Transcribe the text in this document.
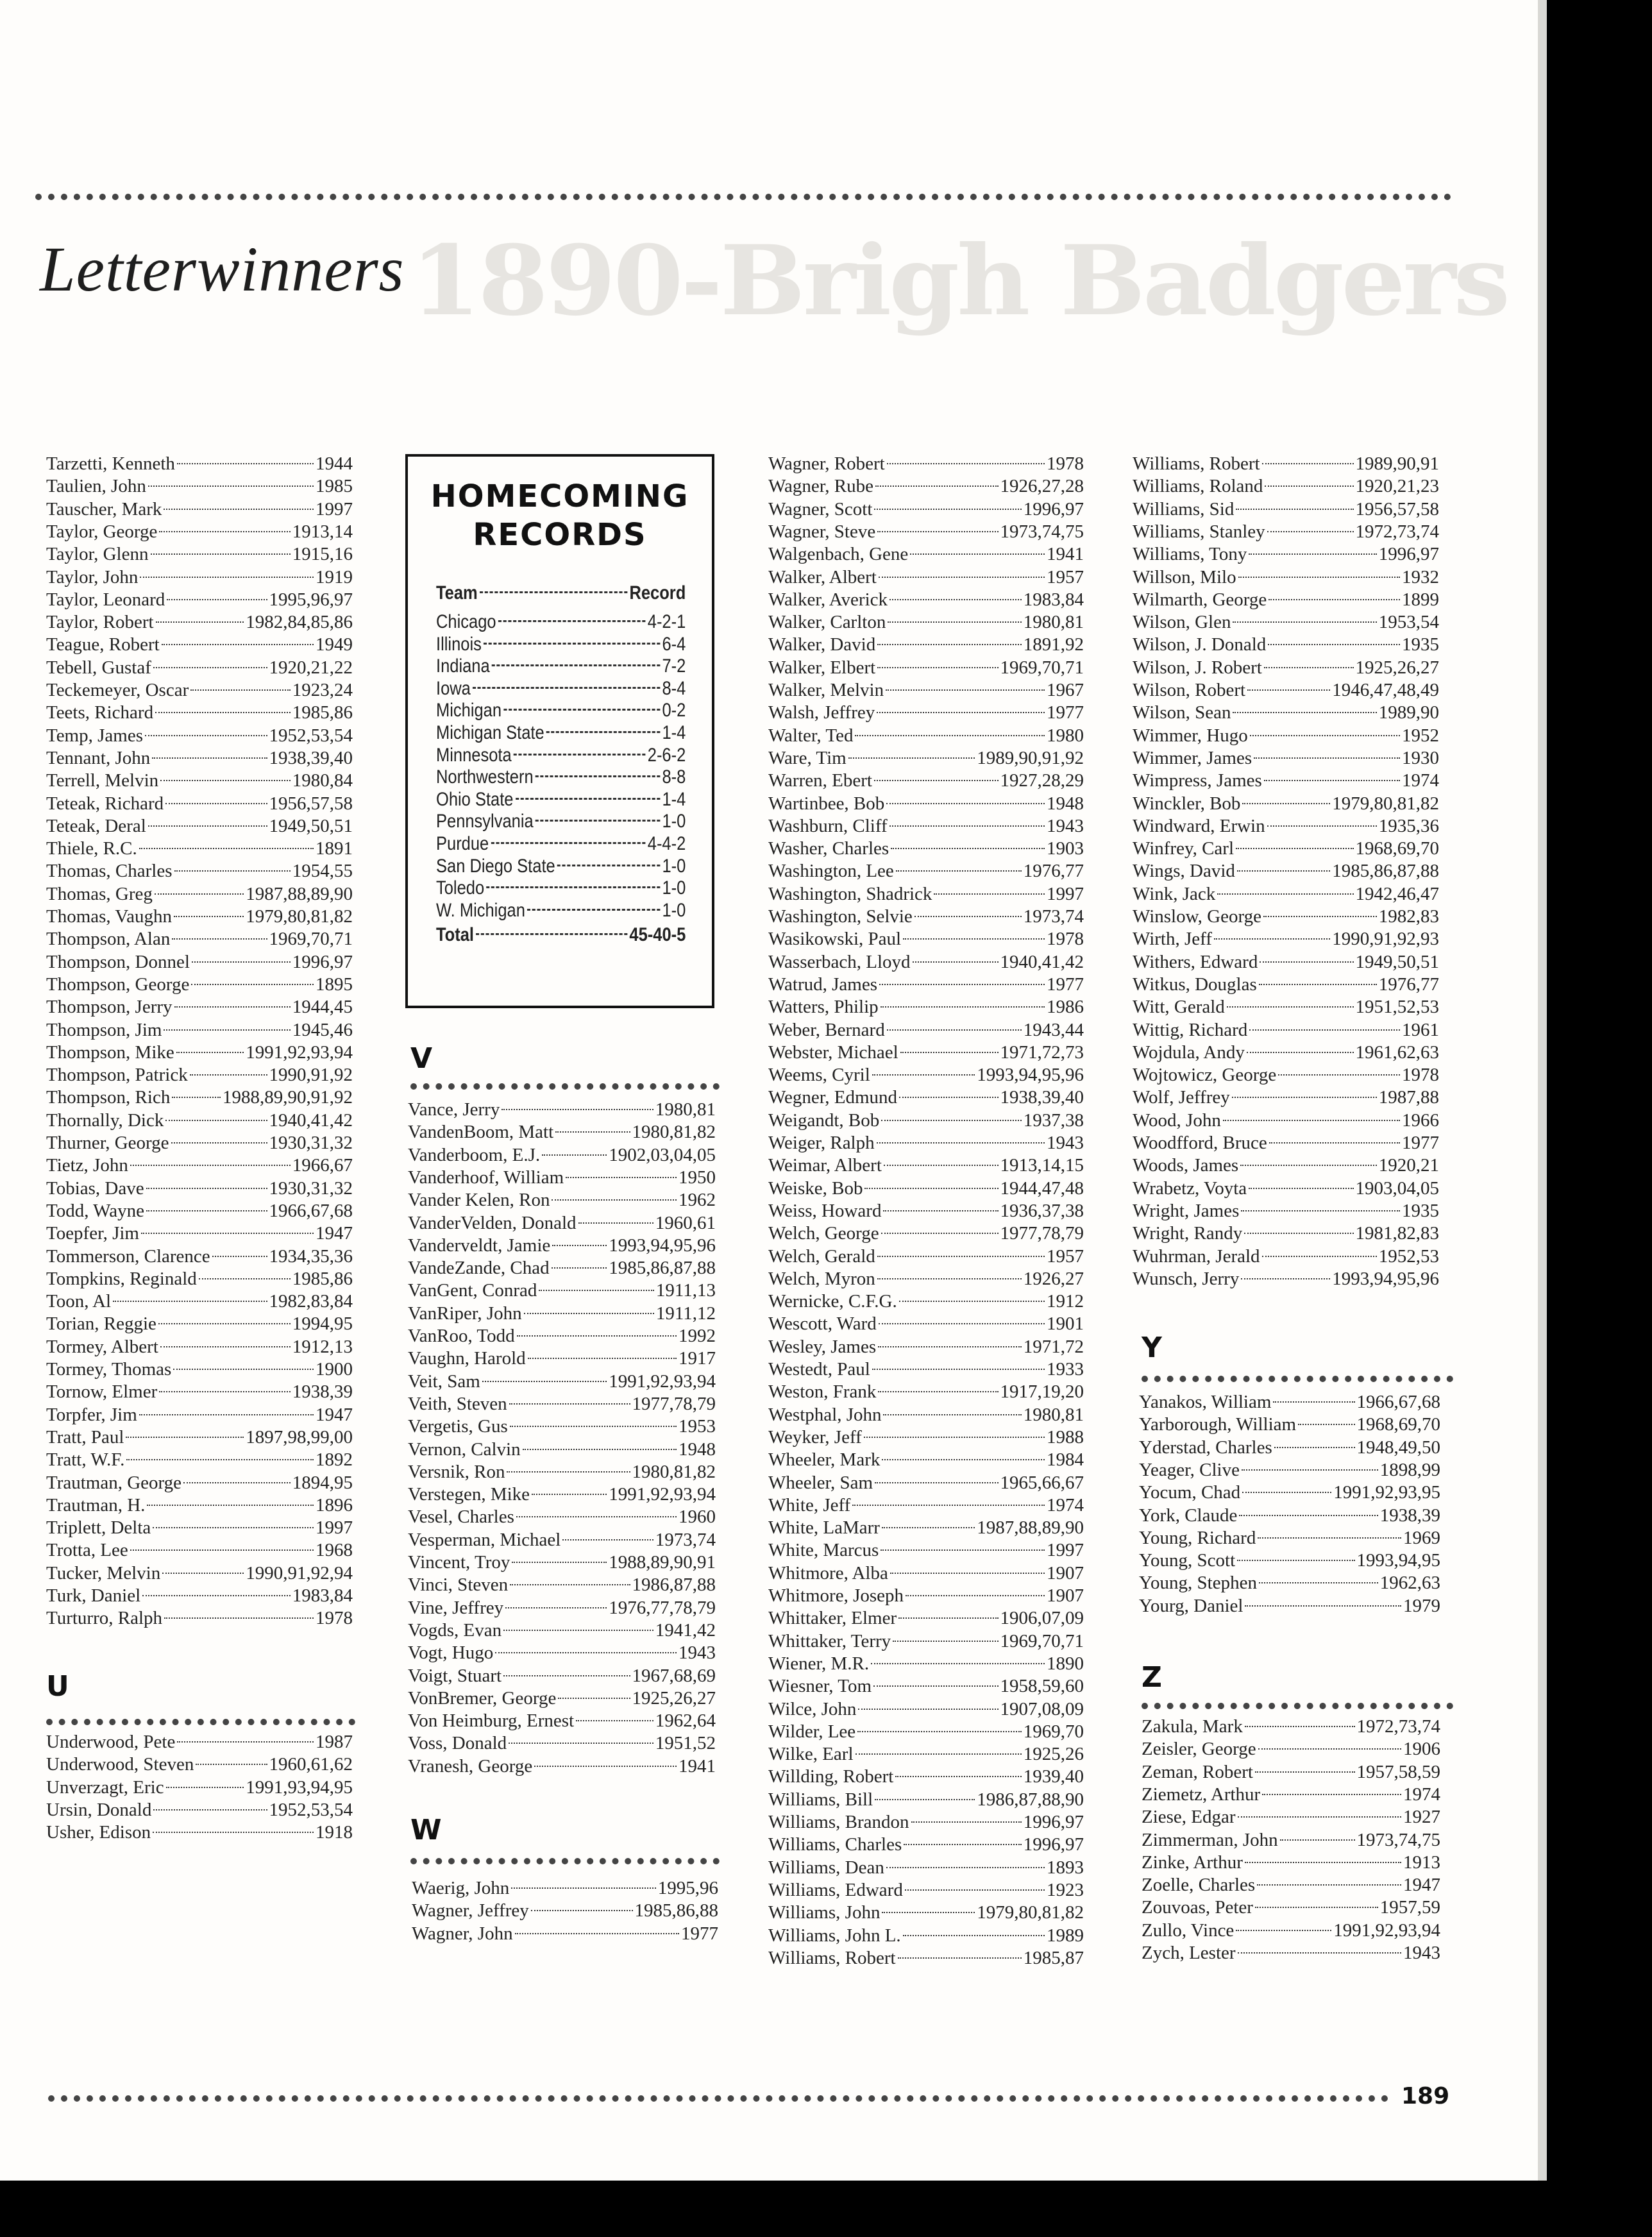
1890-Brigh Badgers
Letterwinners
HOMECOMING
RECORDS
Team	Record
Chicago	4-2-1
Illinois	6-4
Indiana	7-2
Iowa	8-4
Michigan	0-2
Michigan State	1-4
Minnesota	2-6-2
Northwestern	8-8
Ohio State	1-4
Pennsylvania	1-0
Purdue	4-4-2
San Diego State	1-0
Toledo	1-0
W. Michigan	1-0
Total	45-40-5
U
V
W
Y
Z
Tarzetti, Kenneth	1944
Taulien, John	1985
Tauscher, Mark	1997
Taylor, George	1913,14
Taylor, Glenn	1915,16
Taylor, John	1919
Taylor, Leonard	1995,96,97
Taylor, Robert	1982,84,85,86
Teague, Robert	1949
Tebell, Gustaf	1920,21,22
Teckemeyer, Oscar	1923,24
Teets, Richard	1985,86
Temp, James	1952,53,54
Tennant, John	1938,39,40
Terrell, Melvin	1980,84
Teteak, Richard	1956,57,58
Teteak, Deral	1949,50,51
Thiele, R.C.	1891
Thomas, Charles	1954,55
Thomas, Greg	1987,88,89,90
Thomas, Vaughn	1979,80,81,82
Thompson, Alan	1969,70,71
Thompson, Donnel	1996,97
Thompson, George	1895
Thompson, Jerry	1944,45
Thompson, Jim	1945,46
Thompson, Mike	1991,92,93,94
Thompson, Patrick	1990,91,92
Thompson, Rich	1988,89,90,91,92
Thornally, Dick	1940,41,42
Thurner, George	1930,31,32
Tietz, John	1966,67
Tobias, Dave	1930,31,32
Todd, Wayne	1966,67,68
Toepfer, Jim	1947
Tommerson, Clarence	1934,35,36
Tompkins, Reginald	1985,86
Toon, Al	1982,83,84
Torian, Reggie	1994,95
Tormey, Albert	1912,13
Tormey, Thomas	1900
Tornow, Elmer	1938,39
Torpfer, Jim	1947
Tratt, Paul	1897,98,99,00
Tratt, W.F.	1892
Trautman, George	1894,95
Trautman, H.	1896
Triplett, Delta	1997
Trotta, Lee	1968
Tucker, Melvin	1990,91,92,94
Turk, Daniel	1983,84
Turturro, Ralph	1978
Underwood, Pete	1987
Underwood, Steven	1960,61,62
Unverzagt, Eric	1991,93,94,95
Ursin, Donald	1952,53,54
Usher, Edison	1918
Vance, Jerry	1980,81
VandenBoom, Matt	1980,81,82
Vanderboom, E.J.	1902,03,04,05
Vanderhoof, William	1950
Vander Kelen, Ron	1962
VanderVelden, Donald	1960,61
Vanderveldt, Jamie	1993,94,95,96
VandeZande, Chad	1985,86,87,88
VanGent, Conrad	1911,13
VanRiper, John	1911,12
VanRoo, Todd	1992
Vaughn, Harold	1917
Veit, Sam	1991,92,93,94
Veith, Steven	1977,78,79
Vergetis, Gus	1953
Vernon, Calvin	1948
Versnik, Ron	1980,81,82
Verstegen, Mike	1991,92,93,94
Vesel, Charles	1960
Vesperman, Michael	1973,74
Vincent, Troy	1988,89,90,91
Vinci, Steven	1986,87,88
Vine, Jeffrey	1976,77,78,79
Vogds, Evan	1941,42
Vogt, Hugo	1943
Voigt, Stuart	1967,68,69
VonBremer, George	1925,26,27
Von Heimburg, Ernest	1962,64
Voss, Donald	1951,52
Vranesh, George	1941
Waerig, John	1995,96
Wagner, Jeffrey	1985,86,88
Wagner, John	1977
Wagner, Robert	1978
Wagner, Rube	1926,27,28
Wagner, Scott	1996,97
Wagner, Steve	1973,74,75
Walgenbach, Gene	1941
Walker, Albert	1957
Walker, Averick	1983,84
Walker, Carlton	1980,81
Walker, David	1891,92
Walker, Elbert	1969,70,71
Walker, Melvin	1967
Walsh, Jeffrey	1977
Walter, Ted	1980
Ware, Tim	1989,90,91,92
Warren, Ebert	1927,28,29
Wartinbee, Bob	1948
Washburn, Cliff	1943
Washer, Charles	1903
Washington, Lee	1976,77
Washington, Shadrick	1997
Washington, Selvie	1973,74
Wasikowski, Paul	1978
Wasserbach, Lloyd	1940,41,42
Watrud, James	1977
Watters, Philip	1986
Weber, Bernard	1943,44
Webster, Michael	1971,72,73
Weems, Cyril	1993,94,95,96
Wegner, Edmund	1938,39,40
Weigandt, Bob	1937,38
Weiger, Ralph	1943
Weimar, Albert	1913,14,15
Weiske, Bob	1944,47,48
Weiss, Howard	1936,37,38
Welch, George	1977,78,79
Welch, Gerald	1957
Welch, Myron	1926,27
Wernicke, C.F.G.	1912
Wescott, Ward	1901
Wesley, James	1971,72
Westedt, Paul	1933
Weston, Frank	1917,19,20
Westphal, John	1980,81
Weyker, Jeff	1988
Wheeler, Mark	1984
Wheeler, Sam	1965,66,67
White, Jeff	1974
White, LaMarr	1987,88,89,90
White, Marcus	1997
Whitmore, Alba	1907
Whitmore, Joseph	1907
Whittaker, Elmer	1906,07,09
Whittaker, Terry	1969,70,71
Wiener, M.R.	1890
Wiesner, Tom	1958,59,60
Wilce, John	1907,08,09
Wilder, Lee	1969,70
Wilke, Earl	1925,26
Willding, Robert	1939,40
Williams, Bill	1986,87,88,90
Williams, Brandon	1996,97
Williams, Charles	1996,97
Williams, Dean	1893
Williams, Edward	1923
Williams, John	1979,80,81,82
Williams, John L.	1989
Williams, Robert	1985,87
Williams, Robert	1989,90,91
Williams, Roland	1920,21,23
Williams, Sid	1956,57,58
Williams, Stanley	1972,73,74
Williams, Tony	1996,97
Willson, Milo	1932
Wilmarth, George	1899
Wilson, Glen	1953,54
Wilson, J. Donald	1935
Wilson, J. Robert	1925,26,27
Wilson, Robert	1946,47,48,49
Wilson, Sean	1989,90
Wimmer, Hugo	1952
Wimmer, James	1930
Wimpress, James	1974
Winckler, Bob	1979,80,81,82
Windward, Erwin	1935,36
Winfrey, Carl	1968,69,70
Wings, David	1985,86,87,88
Wink, Jack	1942,46,47
Winslow, George	1982,83
Wirth, Jeff	1990,91,92,93
Withers, Edward	1949,50,51
Witkus, Douglas	1976,77
Witt, Gerald	1951,52,53
Wittig, Richard	1961
Wojdula, Andy	1961,62,63
Wojtowicz, George	1978
Wolf, Jeffrey	1987,88
Wood, John	1966
Woodfford, Bruce	1977
Woods, James	1920,21
Wrabetz, Voyta	1903,04,05
Wright, James	1935
Wright, Randy	1981,82,83
Wuhrman, Jerald	1952,53
Wunsch, Jerry	1993,94,95,96
Yanakos, William	1966,67,68
Yarborough, William	1968,69,70
Yderstad, Charles	1948,49,50
Yeager, Clive	1898,99
Yocum, Chad	1991,92,93,95
York, Claude	1938,39
Young, Richard	1969
Young, Scott	1993,94,95
Young, Stephen	1962,63
Yourg, Daniel	1979
Zakula, Mark	1972,73,74
Zeisler, George	1906
Zeman, Robert	1957,58,59
Ziemetz, Arthur	1974
Ziese, Edgar	1927
Zimmerman, John	1973,74,75
Zinke, Arthur	1913
Zoelle, Charles	1947
Zouvoas, Peter	1957,59
Zullo, Vince	1991,92,93,94
Zych, Lester	1943
189
